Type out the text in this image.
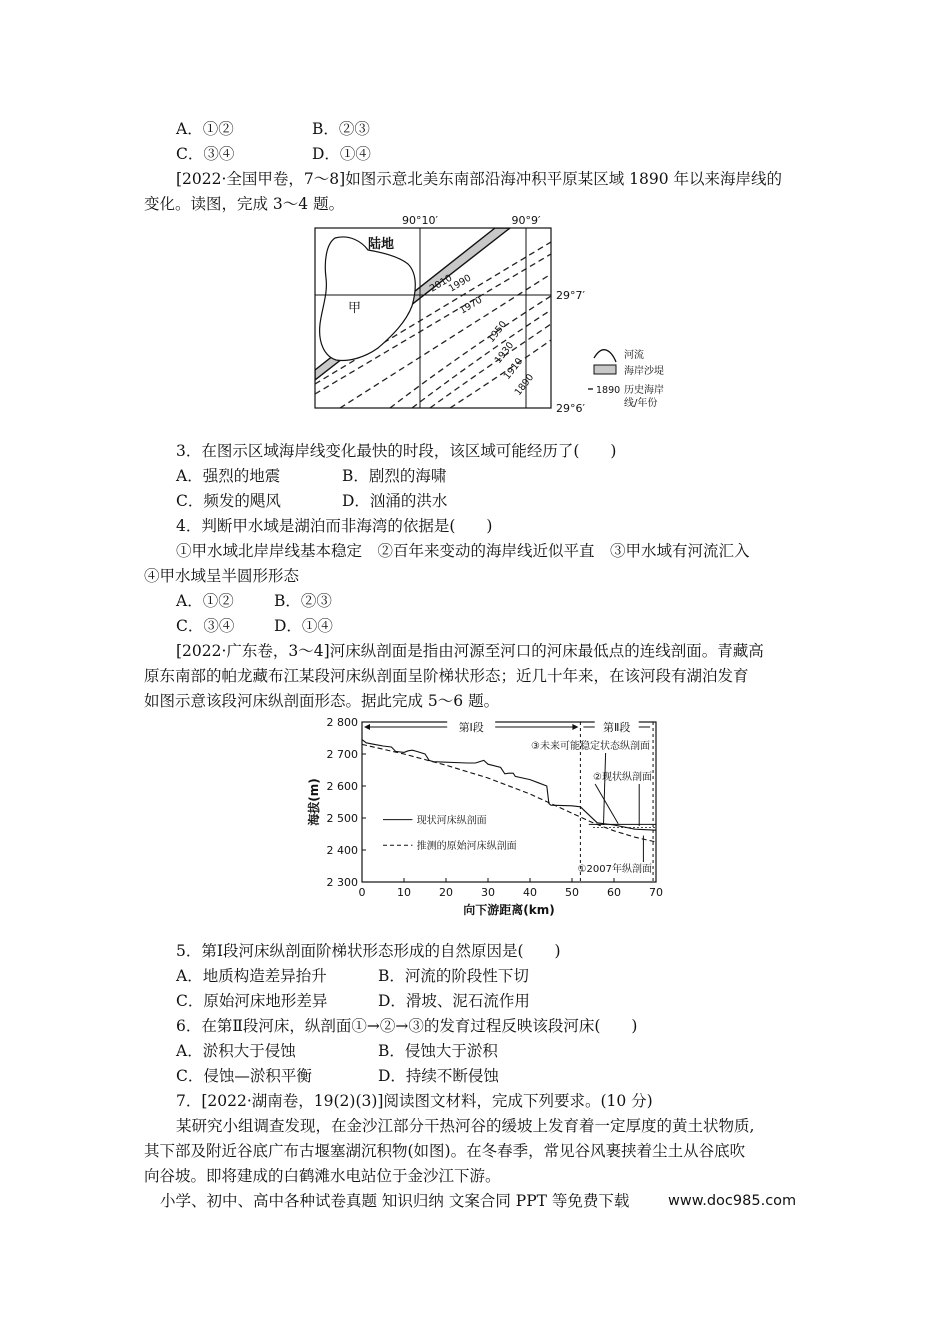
A．①②	B．②③
C．③④	D．①④
[2022·全国甲卷，7～8]如图示意北美东南部沿海冲积平原某区域 1890 年以来海岸线的
变化。读图，完成 3～4 题。
90°10′	90°9′
陆地
甲
2010
1990
1970
1950
1930
1910
1890
29°7′
29°6′
河流
海岸沙堤
1890 历史海岸
线/年份
3．在图示区域海岸线变化最快的时段，该区域可能经历了(　　)
A．强烈的地震	B．剧烈的海啸
C．频发的飓风	D．汹涌的洪水
4．判断甲水域是湖泊而非海湾的依据是(　　)
①甲水域北岸岸线基本稳定　②百年来变动的海岸线近似平直　③甲水域有河流汇入
④甲水域呈半圆形形态
A．①②	B．②③
C．③④	D．①④
[2022·广东卷，3～4]河床纵剖面是指由河源至河口的河床最低点的连线剖面。青藏高
原东南部的帕龙藏布江某段河床纵剖面呈阶梯状形态；近几十年来，在该河段有湖泊发育
如图示意该段河床纵剖面形态。据此完成 5～6 题。
0	10	20	30	40	50	60	70
2 300
2 400
2 500
2 600
2 700
2 800
向下游距离(km)
海拔(m)
第Ⅰ段	第Ⅱ段
③未来可能稳定状态纵剖面
②现状纵剖面
①2007年纵剖面
现状河床纵剖面
推测的原始河床纵剖面
5．第Ⅰ段河床纵剖面阶梯状形态形成的自然原因是(　　)
A．地质构造差异抬升	B．河流的阶段性下切
C．原始河床地形差异	D．滑坡、泥石流作用
6．在第Ⅱ段河床，纵剖面①→②→③的发育过程反映该段河床(　　)
A．淤积大于侵蚀	B．侵蚀大于淤积
C．侵蚀—淤积平衡	D．持续不断侵蚀
7．[2022·湖南卷，19(2)(3)]阅读图文材料，完成下列要求。(10 分)
某研究小组调查发现，在金沙江部分干热河谷的缓坡上发育着一定厚度的黄土状物质,
其下部及附近谷底广布古堰塞湖沉积物(如图)。在冬春季，常见谷风裹挟着尘土从谷底吹
向谷坡。即将建成的白鹤滩水电站位于金沙江下游。
小学、初中、高中各种试卷真题 知识归纳 文案合同 PPT 等免费下载	www.doc985.com
